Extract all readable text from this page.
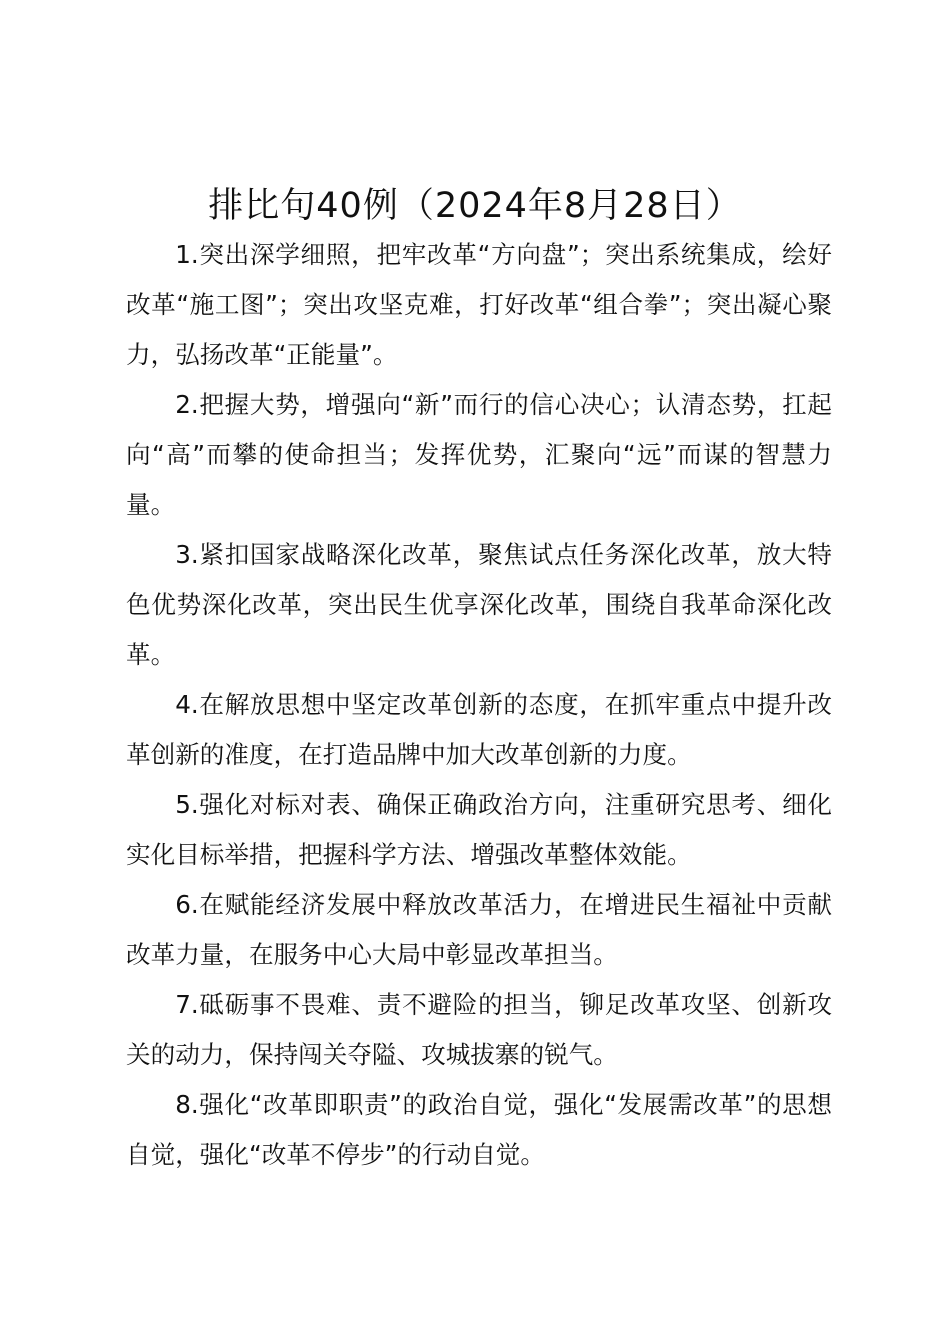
排比句40例（2024年8月28日）

1.突出深学细照，把牢改革“方向盘”；突出系统集成，绘好改革“施工图”；突出攻坚克难，打好改革“组合拳”；突出凝心聚力，弘扬改革“正能量”。

2.把握大势，增强向“新”而行的信心决心；认清态势，扛起向“高”而攀的使命担当；发挥优势，汇聚向“远”而谋的智慧力量。

3.紧扣国家战略深化改革，聚焦试点任务深化改革，放大特色优势深化改革，突出民生优享深化改革，围绕自我革命深化改革。

4.在解放思想中坚定改革创新的态度，在抓牢重点中提升改革创新的准度，在打造品牌中加大改革创新的力度。

5.强化对标对表、确保正确政治方向，注重研究思考、细化实化目标举措，把握科学方法、增强改革整体效能。

6.在赋能经济发展中释放改革活力，在增进民生福祉中贡献改革力量，在服务中心大局中彰显改革担当。

7.砥砺事不畏难、责不避险的担当，铆足改革攻坚、创新攻关的动力，保持闯关夺隘、攻城拔寨的锐气。

8.强化“改革即职责”的政治自觉，强化“发展需改革”的思想自觉，强化“改革不停步”的行动自觉。
